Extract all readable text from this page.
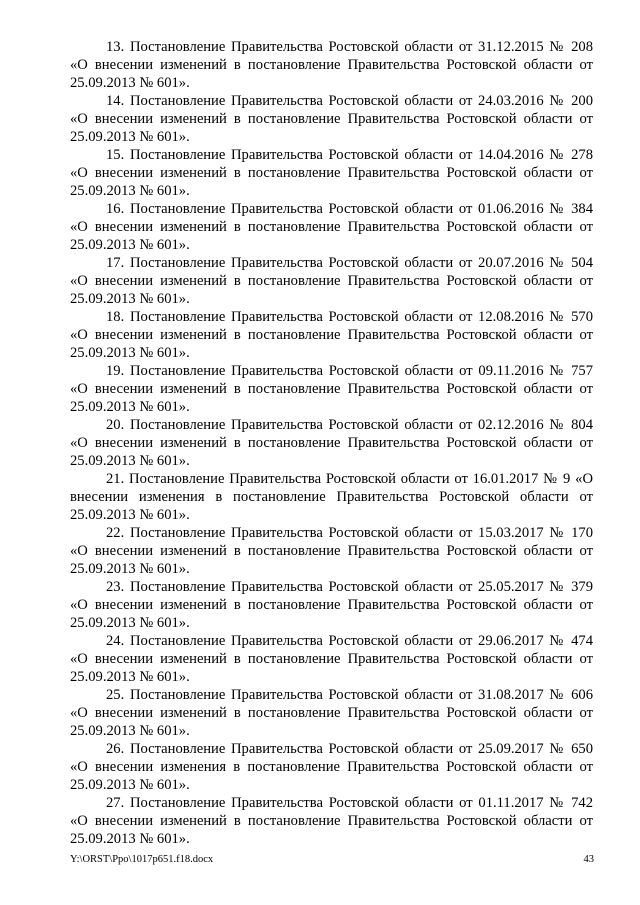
13. Постановление Правительства Ростовской области от 31.12.2015 № 208 «О внесении изменений в постановление Правительства Ростовской области от 25.09.2013 № 601».

14. Постановление Правительства Ростовской области от 24.03.2016 № 200 «О внесении изменений в постановление Правительства Ростовской области от 25.09.2013 № 601».

15. Постановление Правительства Ростовской области от 14.04.2016 № 278 «О внесении изменений в постановление Правительства Ростовской области от 25.09.2013 № 601».

16. Постановление Правительства Ростовской области от 01.06.2016 № 384 «О внесении изменений в постановление Правительства Ростовской области от 25.09.2013 № 601».

17. Постановление Правительства Ростовской области от 20.07.2016 № 504 «О внесении изменений в постановление Правительства Ростовской области от 25.09.2013 № 601».

18. Постановление Правительства Ростовской области от 12.08.2016 № 570 «О внесении изменений в постановление Правительства Ростовской области от 25.09.2013 № 601».

19. Постановление Правительства Ростовской области от 09.11.2016 № 757 «О внесении изменений в постановление Правительства Ростовской области от 25.09.2013 № 601».

20. Постановление Правительства Ростовской области от 02.12.2016 № 804 «О внесении изменений в постановление Правительства Ростовской области от 25.09.2013 № 601».

21. Постановление Правительства Ростовской области от 16.01.2017 № 9 «О внесении изменения в постановление Правительства Ростовской области от 25.09.2013 № 601».

22. Постановление Правительства Ростовской области от 15.03.2017 № 170 «О внесении изменений в постановление Правительства Ростовской области от 25.09.2013 № 601».

23. Постановление Правительства Ростовской области от 25.05.2017 № 379 «О внесении изменений в постановление Правительства Ростовской области от 25.09.2013 № 601».

24. Постановление Правительства Ростовской области от 29.06.2017 № 474 «О внесении изменений в постановление Правительства Ростовской области от 25.09.2013 № 601».

25. Постановление Правительства Ростовской области от 31.08.2017 № 606 «О внесении изменений в постановление Правительства Ростовской области от 25.09.2013 № 601».

26. Постановление Правительства Ростовской области от 25.09.2017 № 650 «О внесении изменения в постановление Правительства Ростовской области от 25.09.2013 № 601».

27. Постановление Правительства Ростовской области от 01.11.2017 № 742 «О внесении изменений в постановление Правительства Ростовской области от 25.09.2013 № 601».

Y:\ORST\Ppo\1017p651.f18.docx	43
